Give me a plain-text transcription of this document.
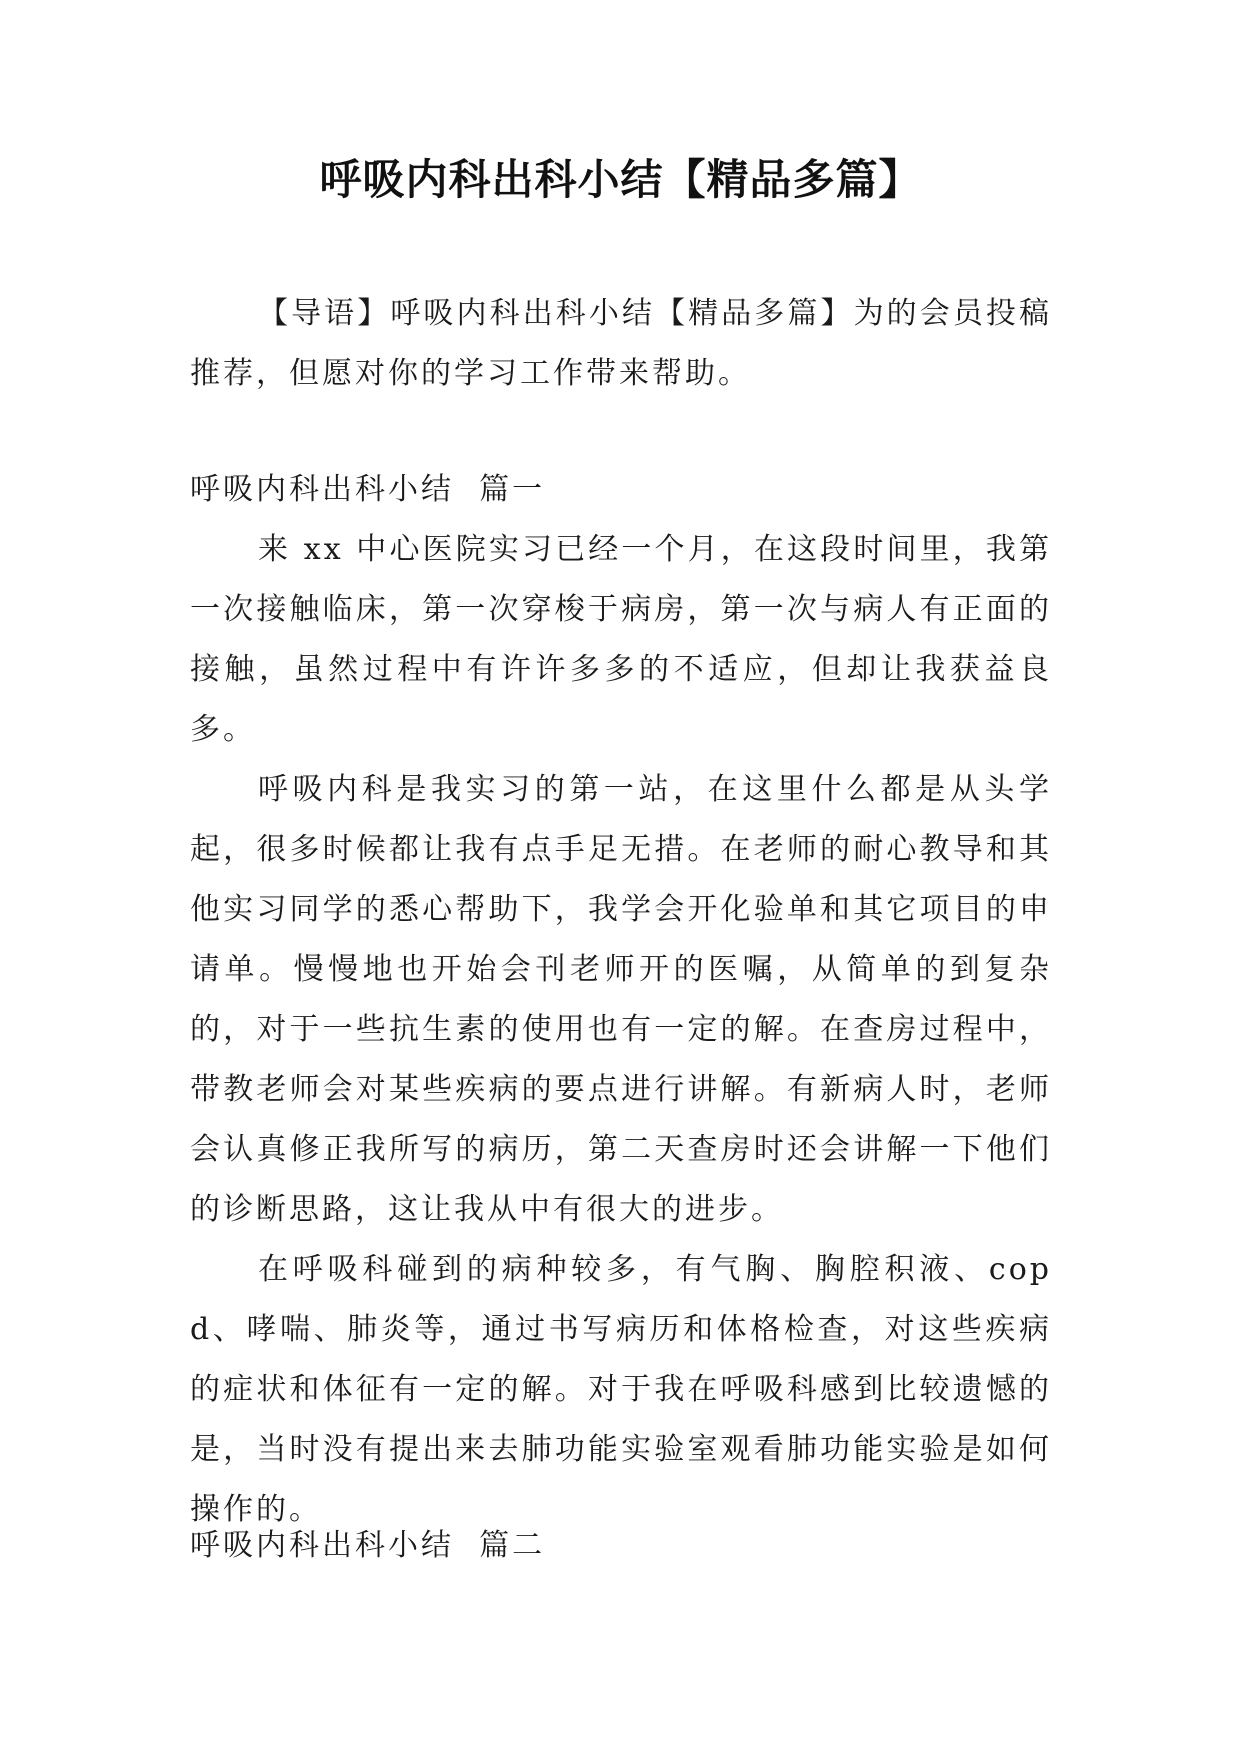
呼吸内科出科小结【精品多篇】

【导语】呼吸内科出科小结【精品多篇】为的会员投稿推荐，但愿对你的学习工作带来帮助。

呼吸内科出科小结  篇一

来 xx 中心医院实习已经一个月，在这段时间里，我第一次接触临床，第一次穿梭于病房，第一次与病人有正面的接触，虽然过程中有许许多多的不适应，但却让我获益良多。

呼吸内科是我实习的第一站，在这里什么都是从头学起，很多时候都让我有点手足无措。在老师的耐心教导和其他实习同学的悉心帮助下，我学会开化验单和其它项目的申请单。慢慢地也开始会刊老师开的医嘱，从简单的到复杂的，对于一些抗生素的使用也有一定的解。在查房过程中，带教老师会对某些疾病的要点进行讲解。有新病人时，老师会认真修正我所写的病历，第二天查房时还会讲解一下他们的诊断思路，这让我从中有很大的进步。

在呼吸科碰到的病种较多，有气胸、胸腔积液、copd、哮喘、肺炎等，通过书写病历和体格检查，对这些疾病的症状和体征有一定的解。对于我在呼吸科感到比较遗憾的是，当时没有提出来去肺功能实验室观看肺功能实验是如何操作的。

呼吸内科出科小结  篇二
